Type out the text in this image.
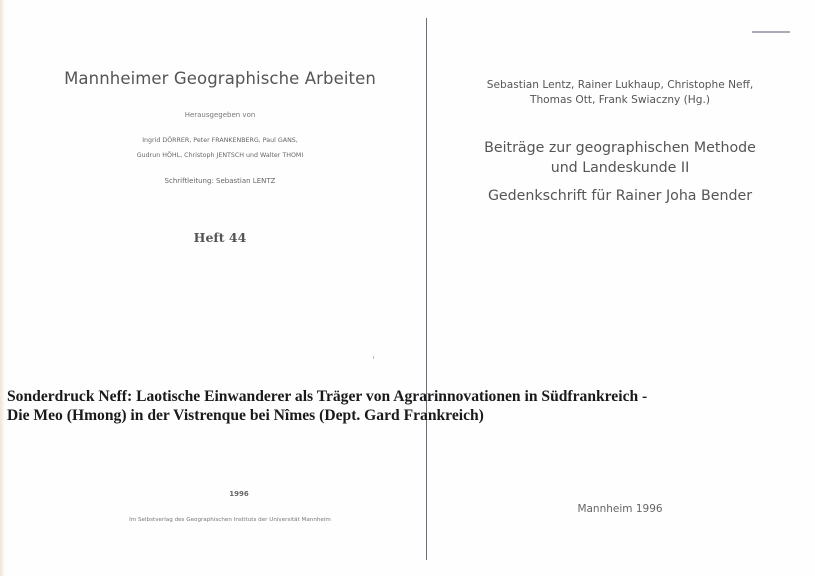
Mannheimer Geographische Arbeiten
Herausgegeben von
Ingrid DÖRRER, Peter FRANKENBERG, Paul GANS,
Gudrun HÖHL, Christoph JENTSCH und Walter THOMI
Schriftleitung: Sebastian LENTZ
Heft 44
1996
Im Selbstverlag des Geographischen Instituts der Universität Mannheim
Sebastian Lentz, Rainer Lukhaup, Christophe Neff,
Thomas Ott, Frank Swiaczny (Hg.)
Beiträge zur geographischen Methode
und Landeskunde II
Gedenkschrift für Rainer Joha Bender
Mannheim 1996
Sonderdruck Neff: Laotische Einwanderer als Träger von Agrarinnovationen in Südfrankreich -
Die Meo (Hmong) in der Vistrenque bei Nîmes (Dept. Gard Frankreich)
